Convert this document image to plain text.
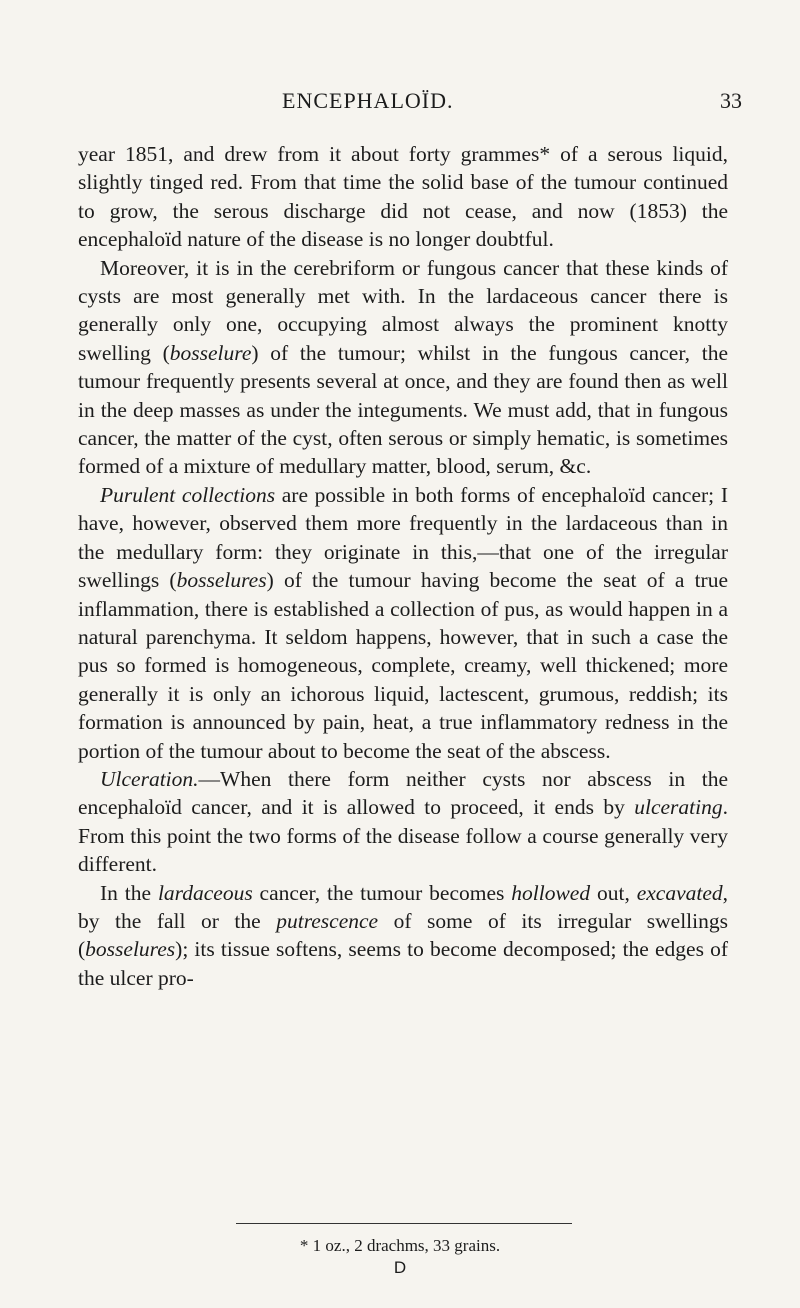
ENCEPHALOÏD.	33

year 1851, and drew from it about forty grammes* of a serous liquid, slightly tinged red. From that time the solid base of the tumour continued to grow, the serous discharge did not cease, and now (1853) the encephaloïd nature of the disease is no longer doubtful.

Moreover, it is in the cerebriform or fungous cancer that these kinds of cysts are most generally met with. In the lardaceous cancer there is generally only one, occupying almost always the prominent knotty swelling (bosselure) of the tumour; whilst in the fungous cancer, the tumour frequently presents several at once, and they are found then as well in the deep masses as under the integuments. We must add, that in fungous cancer, the matter of the cyst, often serous or simply hematic, is sometimes formed of a mixture of medullary matter, blood, serum, &c.

Purulent collections are possible in both forms of encephaloïd cancer; I have, however, observed them more frequently in the lardaceous than in the medullary form: they originate in this,—that one of the irregular swellings (bosselures) of the tumour having become the seat of a true inflammation, there is established a collection of pus, as would happen in a natural parenchyma. It seldom happens, however, that in such a case the pus so formed is homogeneous, complete, creamy, well thickened; more generally it is only an ichorous liquid, lactescent, grumous, reddish; its formation is announced by pain, heat, a true inflammatory redness in the portion of the tumour about to become the seat of the abscess.

Ulceration.—When there form neither cysts nor abscess in the encephaloïd cancer, and it is allowed to proceed, it ends by ulcerating. From this point the two forms of the disease follow a course generally very different.

In the lardaceous cancer, the tumour becomes hollowed out, excavated, by the fall or the putrescence of some of its irregular swellings (bosselures); its tissue softens, seems to become decomposed; the edges of the ulcer pro-

* 1 oz., 2 drachms, 33 grains.
D
